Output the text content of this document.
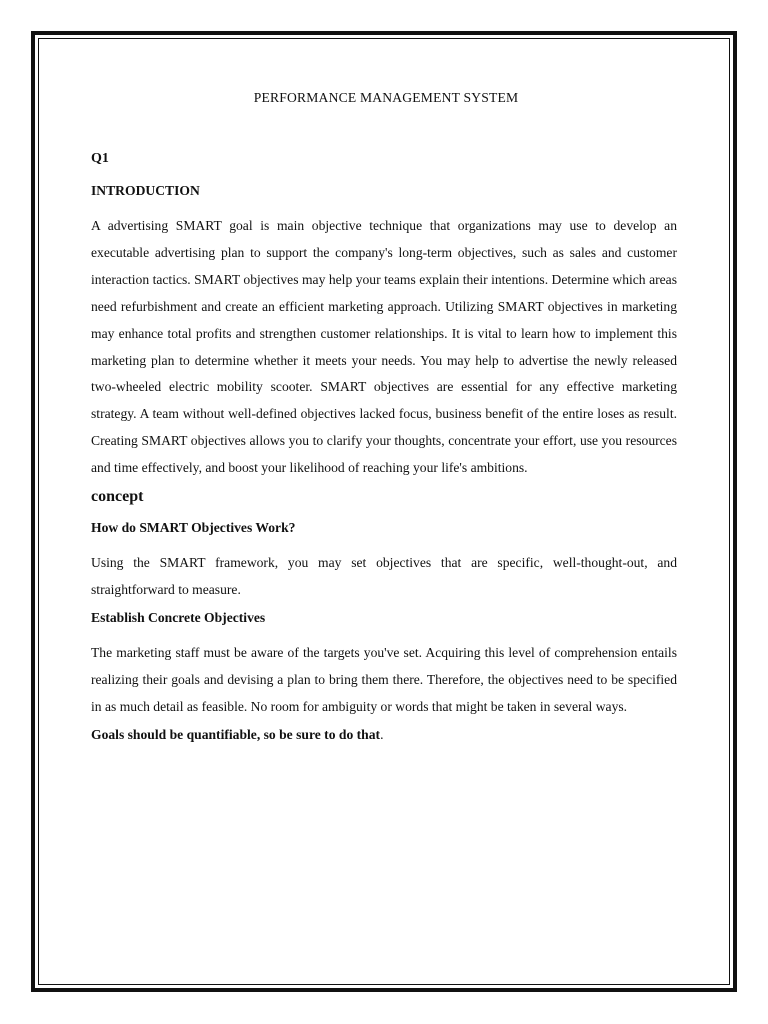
PERFORMANCE MANAGEMENT SYSTEM
Q1
INTRODUCTION

A advertising SMART goal is main objective technique that organizations may use to develop an executable advertising plan to support the company's long-term objectives, such as sales and customer interaction tactics. SMART objectives may help your teams explain their intentions. Determine which areas need refurbishment and create an efficient marketing approach. Utilizing SMART objectives in marketing may enhance total profits and strengthen customer relationships. It is vital to learn how to implement this marketing plan to determine whether it meets your needs. You may help to advertise the newly released two-wheeled electric mobility scooter. SMART objectives are essential for any effective marketing strategy. A team without well-defined objectives lacked focus, business benefit of the entire loses as result. Creating SMART objectives allows you to clarify your thoughts, concentrate your effort, use you resources and time effectively, and boost your likelihood of reaching your life's ambitions.

concept
How do SMART Objectives Work?

Using the SMART framework, you may set objectives that are specific, well-thought-out, and straightforward to measure.

Establish Concrete Objectives

The marketing staff must be aware of the targets you've set. Acquiring this level of comprehension entails realizing their goals and devising a plan to bring them there. Therefore, the objectives need to be specified in as much detail as feasible. No room for ambiguity or words that might be taken in several ways.

Goals should be quantifiable, so be sure to do that.
